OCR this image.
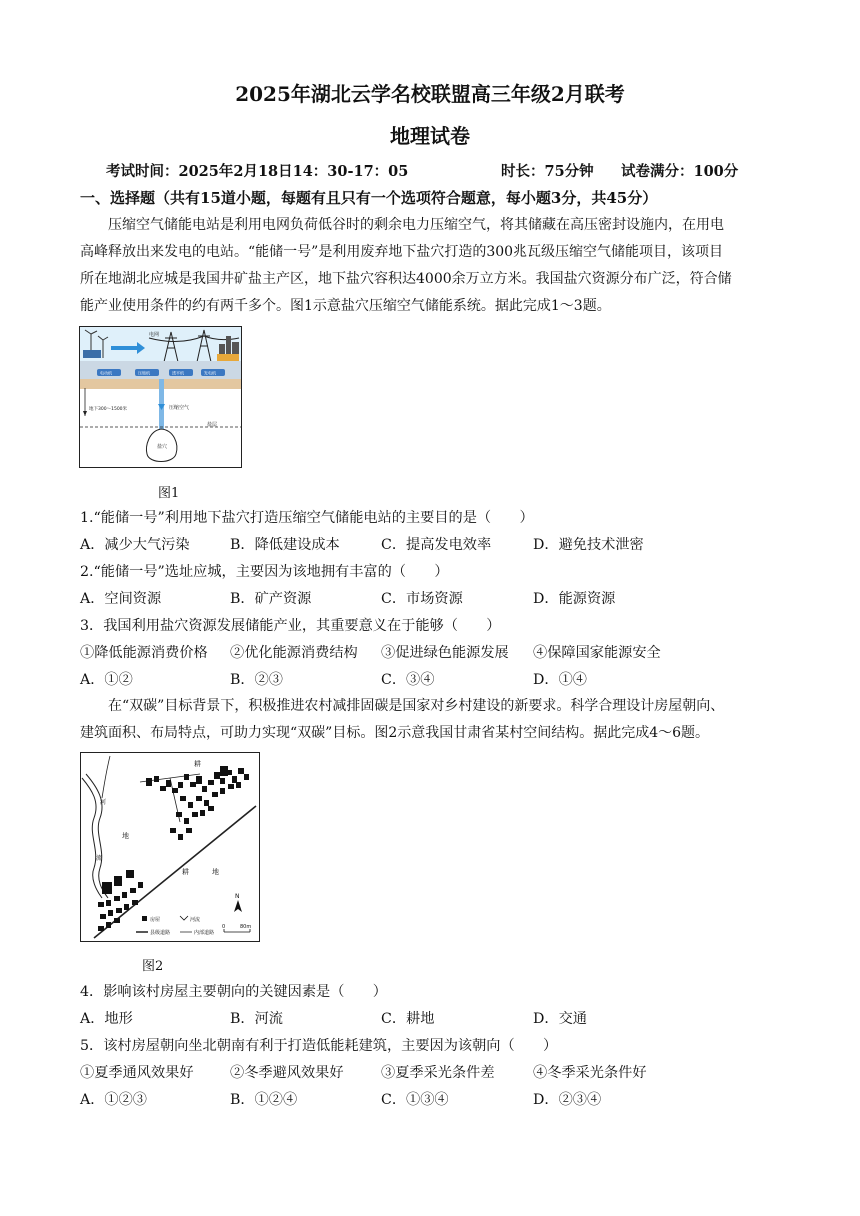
2025年湖北云学名校联盟高三年级2月联考
地理试卷
考试时间：2025年2月18日14：30-17：05	时长：75分钟 试卷满分：100分
一、选择题（共有15道小题，每题有且只有一个选项符合题意，每小题3分，共45分）
压缩空气储能电站是利用电网负荷低谷时的剩余电力压缩空气，将其储藏在高压密封设施内，在用电
高峰释放出来发电的电站。“能储一号”是利用废弃地下盐穴打造的300兆瓦级压缩空气储能项目，该项目
所在地湖北应城是我国井矿盐主产区，地下盐穴容积达4000余万立方米。我国盐穴资源分布广泛，符合储
能产业使用条件的约有两千多个。图1示意盐穴压缩空气储能系统。据此完成1～3题。
电网
电动机	压缩机	透平机	发电机
压缩空气
地下300～1500米
盐穴
盐层
图1
1.“能储一号”利用地下盐穴打造压缩空气储能电站的主要目的是（　　）
A．减少大气污染	B．降低建设成本	C．提高发电效率	D．避免技术泄密
2.“能储一号”选址应城，主要因为该地拥有丰富的（　　）
A．空间资源	B．矿产资源	C．市场资源	D．能源资源
3．我国利用盐穴资源发展储能产业，其重要意义在于能够（　　）
①降低能源消费价格 ②优化能源消费结构 ③促进绿色能源发展 ④保障国家能源安全
A．①②	B．②③	C．③④	D．①④
在“双碳”目标背景下，积极推进农村减排固碳是国家对乡村建设的新要求。科学合理设计房屋朝向、
建筑面积、布局特点，可助力实现“双碳”目标。图2示意我国甘肃省某村空间结构。据此完成4～6题。
耕
河
地
流
耕	地
N
房屋	河流
县级道路	内部道路
0	80m
图2
4．影响该村房屋主要朝向的关键因素是（　　）
A．地形	B．河流	C．耕地	D．交通
5．该村房屋朝向坐北朝南有利于打造低能耗建筑，主要因为该朝向（　　）
①夏季通风效果好	②冬季避风效果好	③夏季采光条件差	④冬季采光条件好
A．①②③	B．①②④	C．①③④	D．②③④
